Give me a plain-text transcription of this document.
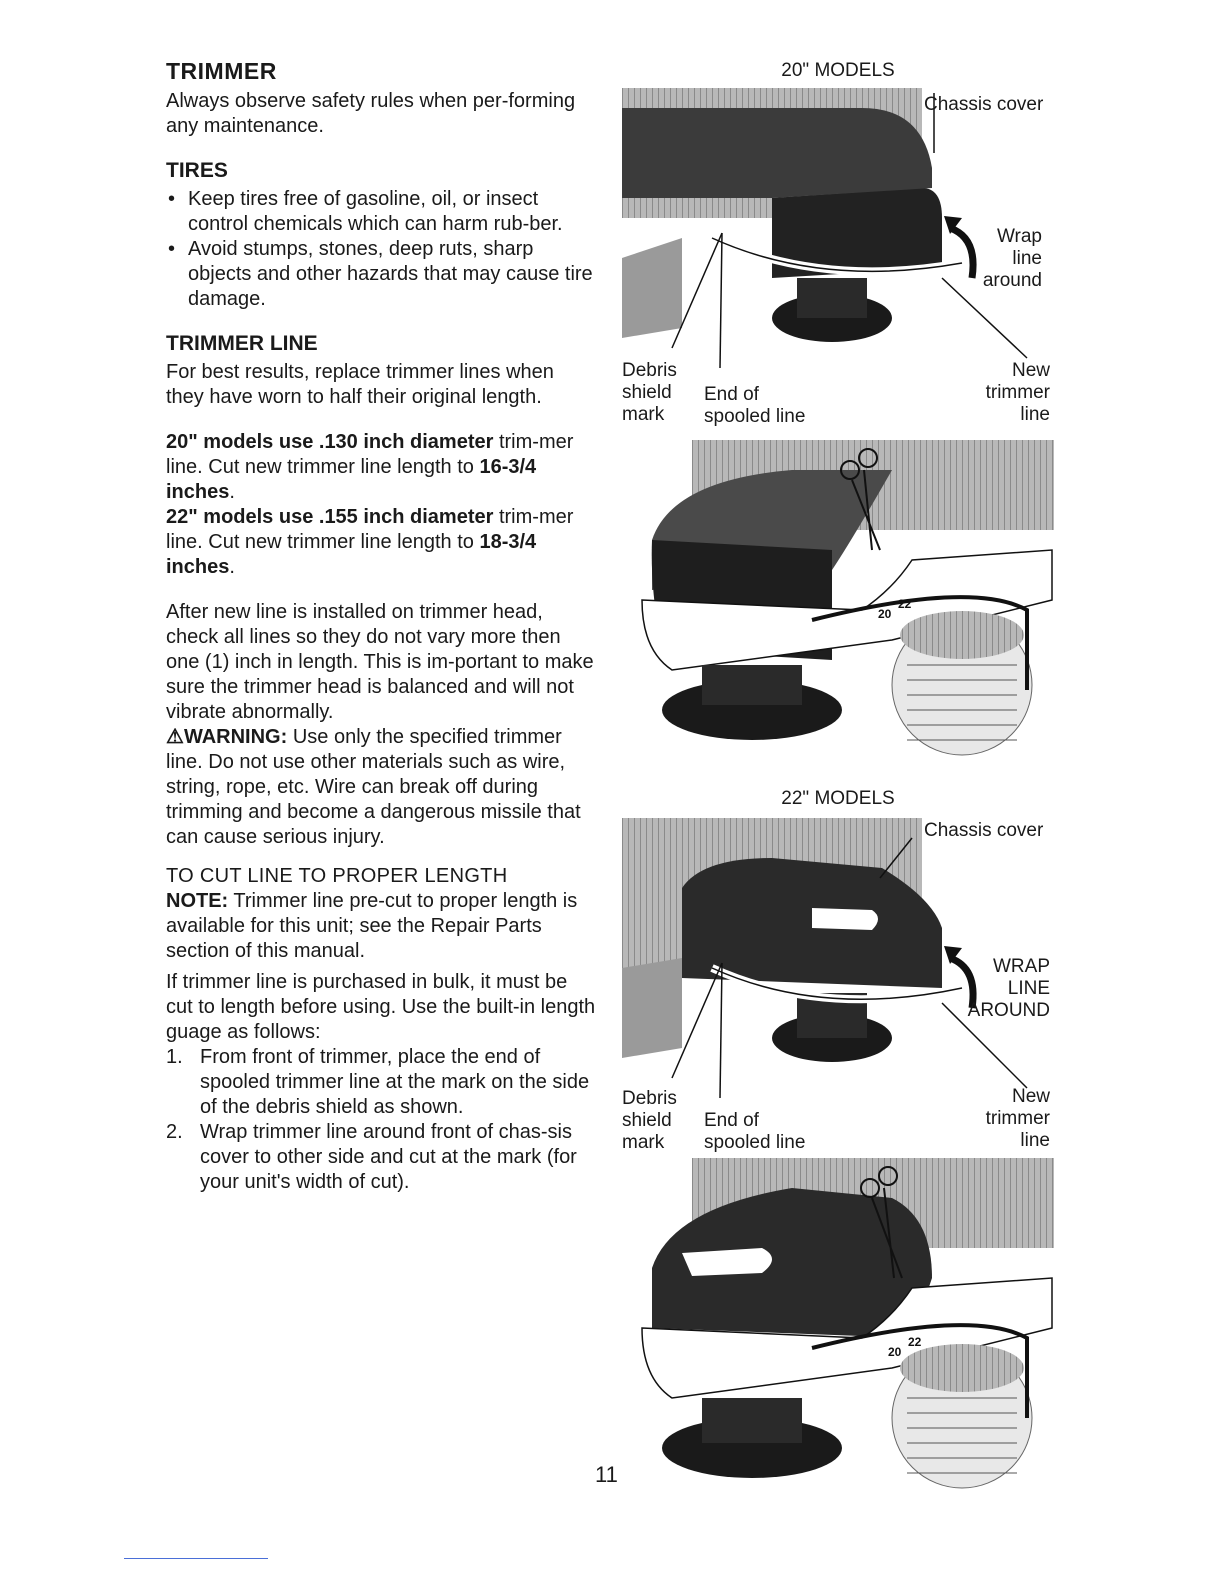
TRIMMER

Always observe safety rules when per-forming any maintenance.

TIRES
• Keep tires free of gasoline, oil, or insect control chemicals which can harm rub-ber.
• Avoid stumps, stones, deep ruts, sharp objects and other hazards that may cause tire damage.
TRIMMER LINE

For best results, replace trimmer lines when they have worn to half their original length.

20" models use .130 inch diameter trim-mer line. Cut new trimmer line length to 16-3/4 inches.

22" models use .155 inch diameter trim-mer line. Cut new trimmer line length to 18-3/4 inches.

After new line is installed on trimmer head, check all lines so they do not vary more then one (1) inch in length. This is im-portant to make sure the trimmer head is balanced and will not vibrate abnormally.

⚠WARNING: Use only the specified trimmer line. Do not use other materials such as wire, string, rope, etc. Wire can break off during trimming and become a dangerous missile that can cause serious injury.

TO CUT LINE TO PROPER LENGTH

NOTE: Trimmer line pre-cut to proper length is available for this unit; see the Repair Parts section of this manual.

If trimmer line is purchased in bulk, it must be cut to length before using. Use the built-in length guage as follows:

1. From front of trimmer, place the end of spooled trimmer line at the mark on the side of the debris shield as shown.
2. Wrap trimmer line around front of chas-sis cover to other side and cut at the mark (for your unit's width of cut).
20" MODELS
Chassis cover
Wrap
line
around
Debris
shield
mark
End of
spooled line
New
trimmer
line
22
20
22" MODELS
Chassis cover
WRAP
LINE
AROUND
Debris
shield
mark
End of
spooled line
New
trimmer
line
22
20
11
